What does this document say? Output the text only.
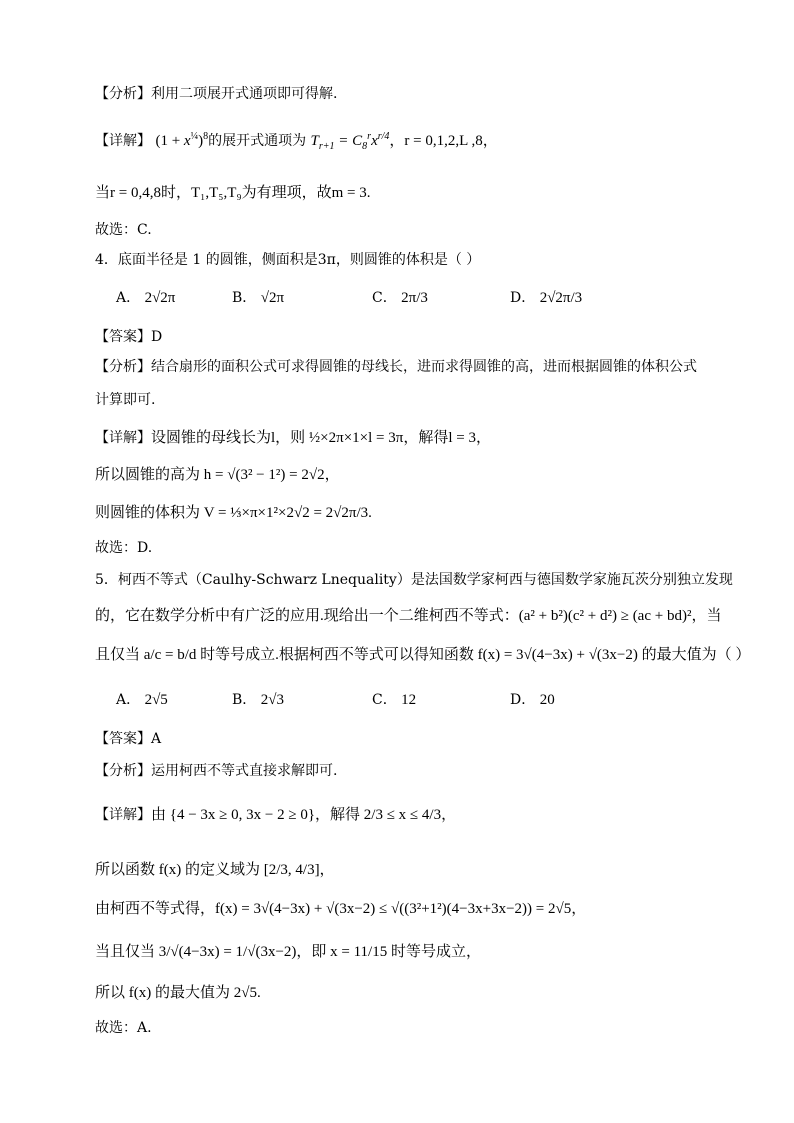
【分析】利用二项展开式通项即可得解.
【详解】 $(1 + x^{\frac{1}{4}})^8$的展开式通项为 $T_{r+1} = C_8^rx^{r/4}$，r = 0,1,2,L ,8，
当r = 0,4,8时，T₁,T₅,T₉为有理项，故m = 3.
故选：C.
4．底面半径是 1 的圆锥，侧面积是3π，则圆锥的体积是（ ）
A． 2√2π	B． √2π	C． 2π/3	D． 2√2π/3
【答案】D
【分析】结合扇形的面积公式可求得圆锥的母线长，进而求得圆锥的高，进而根据圆锥的体积公式
计算即可.
【详解】设圆锥的母线长为l，则 ½×2π×1×l = 3π，解得l = 3，
所以圆锥的高为 h = √(3² − 1²) = 2√2，
则圆锥的体积为 V = ⅓×π×1²×2√2 = 2√2π/3.
故选：D.
5．柯西不等式（Caulhy-Schwarz Lnequality）是法国数学家柯西与德国数学家施瓦茨分别独立发现
的，它在数学分析中有广泛的应用.现给出一个二维柯西不等式：(a² + b²)(c² + d²) ≥ (ac + bd)²，当
且仅当 a/c = b/d 时等号成立.根据柯西不等式可以得知函数 f(x) = 3√(4−3x) + √(3x−2) 的最大值为（ ）
A． 2√5	B． 2√3	C． 12	D． 20
【答案】A
【分析】运用柯西不等式直接求解即可.
【详解】由 {4 − 3x ≥ 0, 3x − 2 ≥ 0}，解得 2/3 ≤ x ≤ 4/3，
所以函数 f(x) 的定义域为 [2/3, 4/3]，
由柯西不等式得，f(x) = 3√(4−3x) + √(3x−2) ≤ √((3²+1²)(4−3x+3x−2)) = 2√5，
当且仅当 3/√(4−3x) = 1/√(3x−2)，即 x = 11/15 时等号成立，
所以 f(x) 的最大值为 2√5.
故选：A.
